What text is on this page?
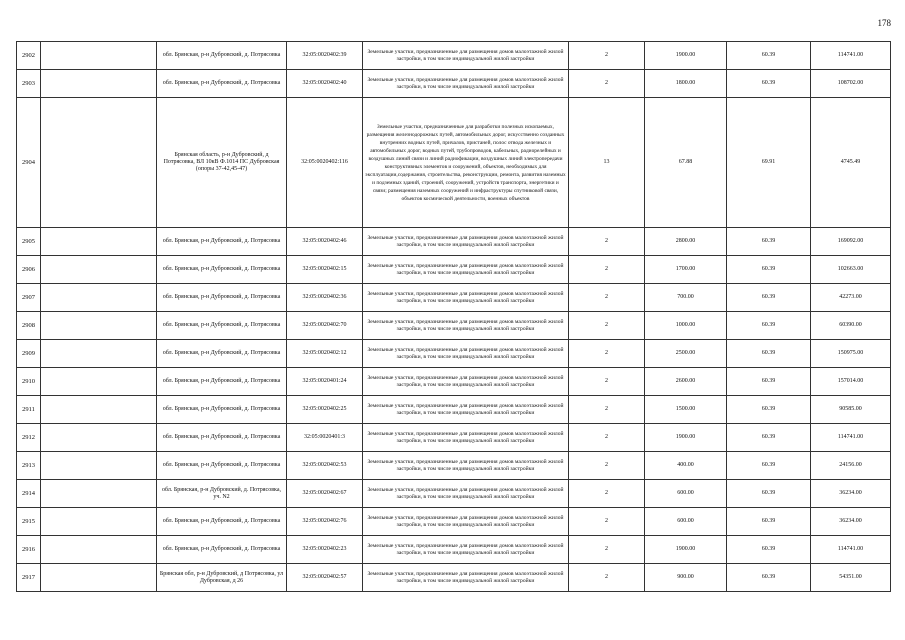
178
2902		обл. Брянская, р-н Дубровский, д. Потрясовка	32:05:0020402:39	Земельные участки, предназначенные для размещения домов малоэтажной жилой застройки, в том числе индивидуальной жилой застройки	2	1900.00	60.39	114741.00
2903		обл. Брянская, р-н Дубровский, д. Потрясовка	32:05:0020402:40	Земельные участки, предназначенные для размещения домов малоэтажной жилой застройки, в том числе индивидуальной жилой застройки	2	1800.00	60.39	108702.00
2904		Брянская область, р-н Дубровский, д Потрясовка, ВЛ 10кВ Ф.1014 ПС Дубровская (опоры 37-42,45-47)	32:05:0020402:116	Земельные участки, предназначенные для разработки полезных ископаемых, размещения железнодорожных путей, автомобильных дорог, искусственно созданных внутренних водных путей, причалов, пристаней, полос отвода железных и автомобильных дорог, водных путей, трубопроводов, кабельных, радиорелейных и воздушных линий связи и линий радиофикации, воздушных линий электропередачи конструктивных элементов и сооружений, объектов, необходимых для эксплуатации,содержания, строительства, реконструкции, ремонта, развития наземных и подземных зданий, строений, сооружений, устройств транспорта, энергетики и связи; размещения наземных сооружений и инфраструктуры спутниковой связи, объектов космической деятельности, военных объектов	13	67.88	69.91	4745.49
2905		обл. Брянская, р-н Дубровский, д. Потрясовка	32:05:0020402:46	Земельные участки, предназначенные для размещения домов малоэтажной жилой застройки, в том числе индивидуальной жилой застройки	2	2800.00	60.39	169092.00
2906		обл. Брянская, р-н Дубровский, д. Потрясовка	32:05:0020402:15	Земельные участки, предназначенные для размещения домов малоэтажной жилой застройки, в том числе индивидуальной жилой застройки	2	1700.00	60.39	102663.00
2907		обл. Брянская, р-н Дубровский, д. Потрясовка	32:05:0020402:36	Земельные участки, предназначенные для размещения домов малоэтажной жилой застройки, в том числе индивидуальной жилой застройки	2	700.00	60.39	42273.00
2908		обл. Брянская, р-н Дубровский, д. Потрясовка	32:05:0020402:70	Земельные участки, предназначенные для размещения домов малоэтажной жилой застройки, в том числе индивидуальной жилой застройки	2	1000.00	60.39	60390.00
2909		обл. Брянская, р-н Дубровский, д. Потрясовка	32:05:0020402:12	Земельные участки, предназначенные для размещения домов малоэтажной жилой застройки, в том числе индивидуальной жилой застройки	2	2500.00	60.39	150975.00
2910		обл. Брянская, р-н Дубровский, д. Потрясовка	32:05:0020401:24	Земельные участки, предназначенные для размещения домов малоэтажной жилой застройки, в том числе индивидуальной жилой застройки	2	2600.00	60.39	157014.00
2911		обл. Брянская, р-н Дубровский, д. Потрясовка	32:05:0020402:25	Земельные участки, предназначенные для размещения домов малоэтажной жилой застройки, в том числе индивидуальной жилой застройки	2	1500.00	60.39	90585.00
2912		обл. Брянская, р-н Дубровский, д. Потрясовка	32:05:0020401:3	Земельные участки, предназначенные для размещения домов малоэтажной жилой застройки, в том числе индивидуальной жилой застройки	2	1900.00	60.39	114741.00
2913		обл. Брянская, р-н Дубровский, д. Потрясовка	32:05:0020402:53	Земельные участки, предназначенные для размещения домов малоэтажной жилой застройки, в том числе индивидуальной жилой застройки	2	400.00	60.39	24156.00
2914		обл. Брянская, р-н Дубровский, д. Потрясовка, уч. N2	32:05:0020402:67	Земельные участки, предназначенные для размещения домов малоэтажной жилой застройки, в том числе индивидуальной жилой застройки	2	600.00	60.39	36234.00
2915		обл. Брянская, р-н Дубровский, д. Потрясовка	32:05:0020402:76	Земельные участки, предназначенные для размещения домов малоэтажной жилой застройки, в том числе индивидуальной жилой застройки	2	600.00	60.39	36234.00
2916		обл. Брянская, р-н Дубровский, д. Потрясовка	32:05:0020402:23	Земельные участки, предназначенные для размещения домов малоэтажной жилой застройки, в том числе индивидуальной жилой застройки	2	1900.00	60.39	114741.00
2917		Брянская обл, р-н Дубровский, д Потрясовка, ул Дубровская, д 26	32:05:0020402:57	Земельные участки, предназначенные для размещения домов малоэтажной жилой застройки, в том числе индивидуальной жилой застройки	2	900.00	60.39	54351.00
